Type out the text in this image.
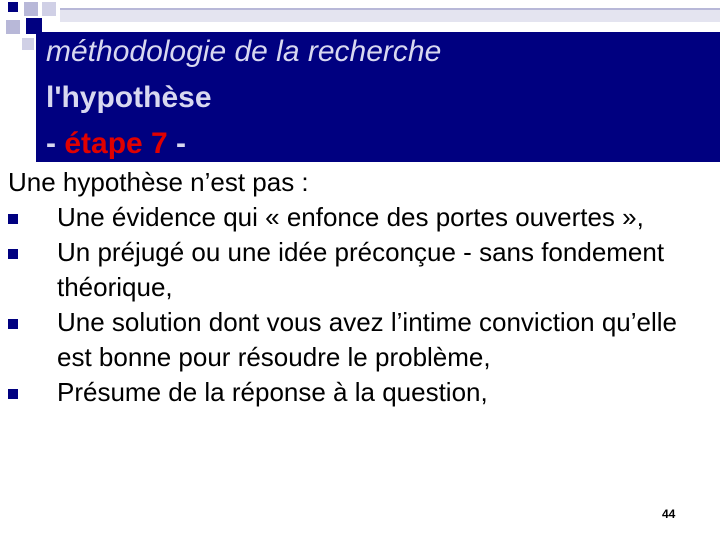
méthodologie de la recherche
l'hypothèse
- étape 7 -
Une hypothèse n’est pas :
Une évidence qui « enfonce des portes ouvertes »,
Un préjugé ou une idée préconçue - sans fondement théorique,
Une solution dont vous avez l’intime conviction qu’elle est bonne pour résoudre le problème,
Présume de la réponse à la question,
44
